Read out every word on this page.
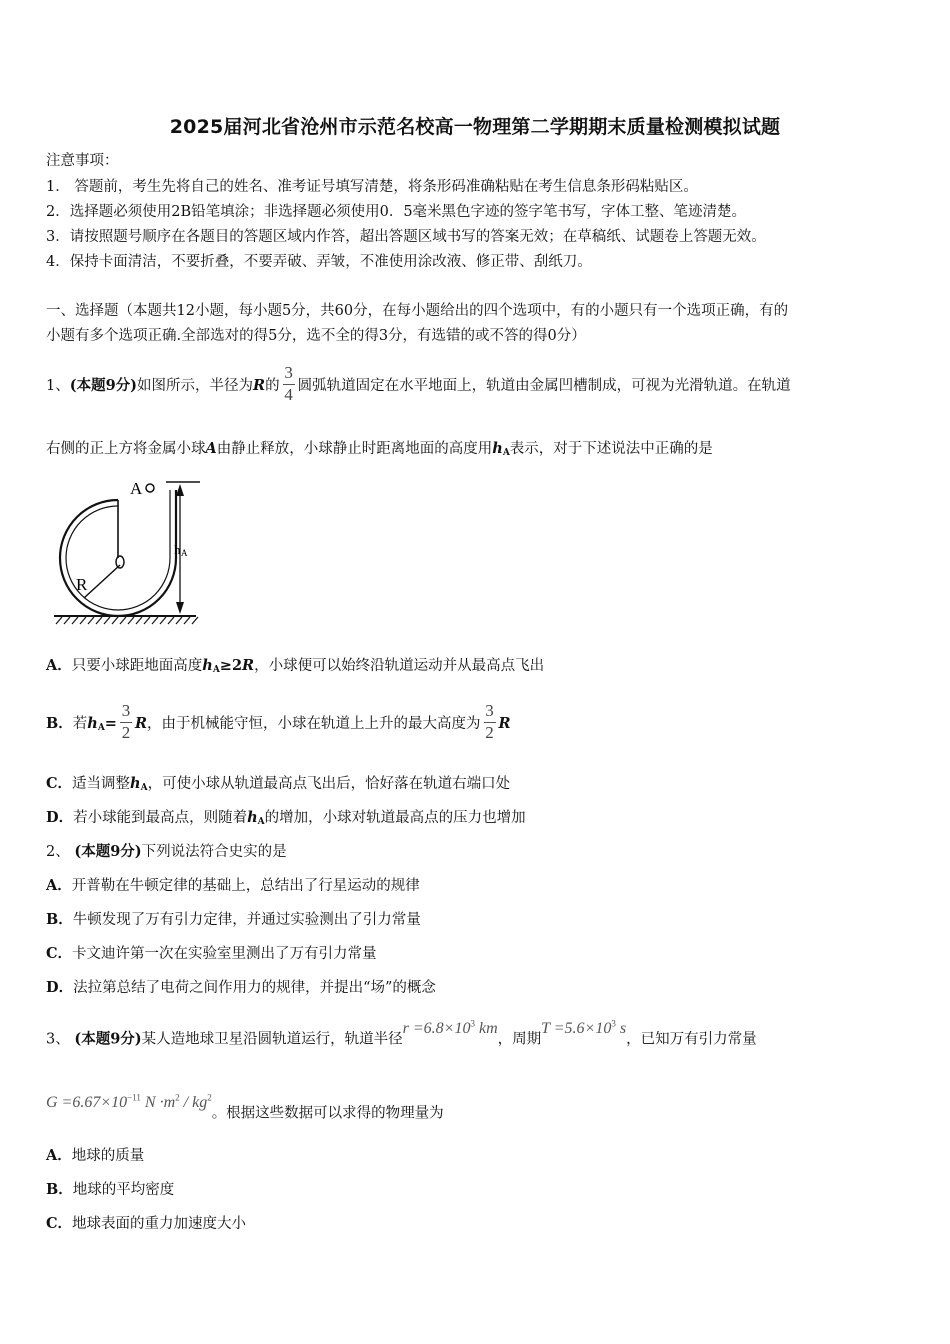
2025届河北省沧州市示范名校高一物理第二学期期末质量检测模拟试题
注意事项：
1． 答题前，考生先将自己的姓名、准考证号填写清楚，将条形码准确粘贴在考生信息条形码粘贴区。
2．选择题必须使用2B铅笔填涂；非选择题必须使用0．5毫米黑色字迹的签字笔书写，字体工整、笔迹清楚。
3．请按照题号顺序在各题目的答题区域内作答，超出答题区域书写的答案无效；在草稿纸、试题卷上答题无效。
4．保持卡面清洁，不要折叠，不要弄破、弄皱，不准使用涂改液、修正带、刮纸刀。
一、选择题（本题共12小题，每小题5分，共60分，在每小题给出的四个选项中，有的小题只有一个选项正确，有的
小题有多个选项正确.全部选对的得5分，选不全的得3分，有选错的或不答的得0分）
1、(本题9分)如图所示，半径为R的 $\frac{3}{4}$ 圆弧轨道固定在水平地面上，轨道由金属凹槽制成，可视为光滑轨道。在轨道
右侧的正上方将金属小球A由静止释放，小球静止时距离地面的高度用$h_A$表示，对于下述说法中正确的是
A
R
h A
A．只要小球距地面高度$h_A\ge 2R$，小球便可以始终沿轨道运动并从最高点飞出
B．若$h_A= \frac{3}{2}$ R，由于机械能守恒，小球在轨道上上升的最大高度为 $\frac{3}{2}$ R
C．适当调整$h_A$，可使小球从轨道最高点飞出后，恰好落在轨道右端口处
D．若小球能到最高点，则随着$h_A$的增加，小球对轨道最高点的压力也增加
2、 (本题9分)下列说法符合史实的是
A．开普勒在牛顿定律的基础上，总结出了行星运动的规律
B．牛顿发现了万有引力定律，并通过实验测出了引力常量
C．卡文迪许第一次在实验室里测出了万有引力常量
D．法拉第总结了电荷之间作用力的规律，并提出“场”的概念
3、 (本题9分)某人造地球卫星沿圆轨道运行，轨道半径$r =6.8\times 10^3$ km，周期$T =5.6\times 10^3$ s，已知万有引力常量
$G =6.67\times 10^{-11}$ $N \cdot m^2 / kg^2$。根据这些数据可以求得的物理量为
A．地球的质量
B．地球的平均密度
C．地球表面的重力加速度大小
